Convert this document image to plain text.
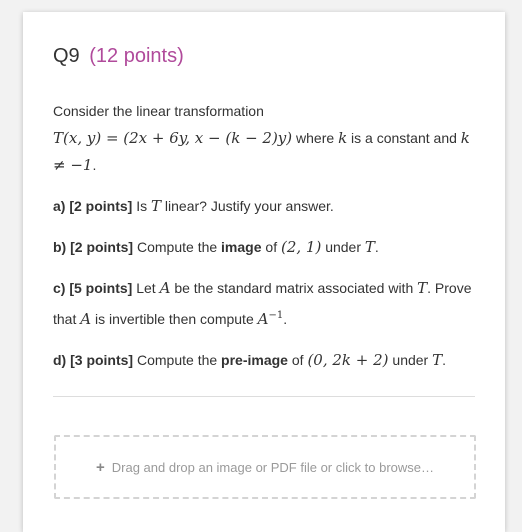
Q9 (12 points)

Consider the linear transformation
T(x, y) = (2x + 6y, x − (k − 2)y) where k is a constant and k ≠ −1.

a) [2 points] Is T linear? Justify your answer.

b) [2 points] Compute the image of (2, 1) under T.

c) [5 points] Let A be the standard matrix associated with T. Prove that A is invertible then compute $A^{-1}$.

d) [3 points] Compute the pre-image of (0, 2k + 2) under T.

+ Drag and drop an image or PDF file or click to browse…
